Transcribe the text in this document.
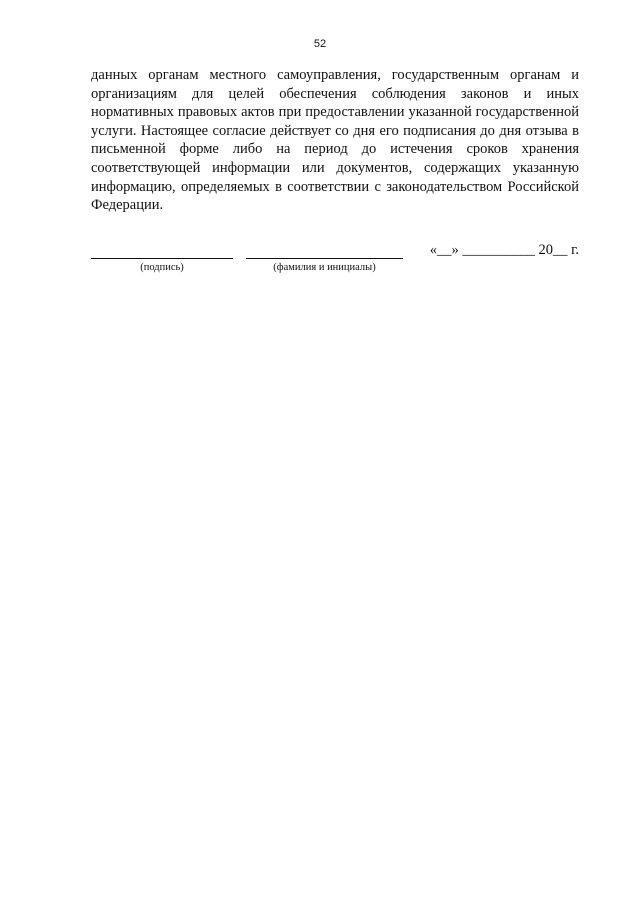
52

данных органам местного самоуправления, государственным органам и организациям для целей обеспечения соблюдения законов и иных нормативных правовых актов при предоставлении указанной государственной услуги. Настоящее согласие действует со дня его подписания до дня отзыва в письменной форме либо на период до истечения сроков хранения соответствующей информации или документов, содержащих указанную информацию, определяемых в соответствии с законодательством Российской Федерации.

«__» __________ 20__ г.
(подпись)	(фамилия и инициалы)
